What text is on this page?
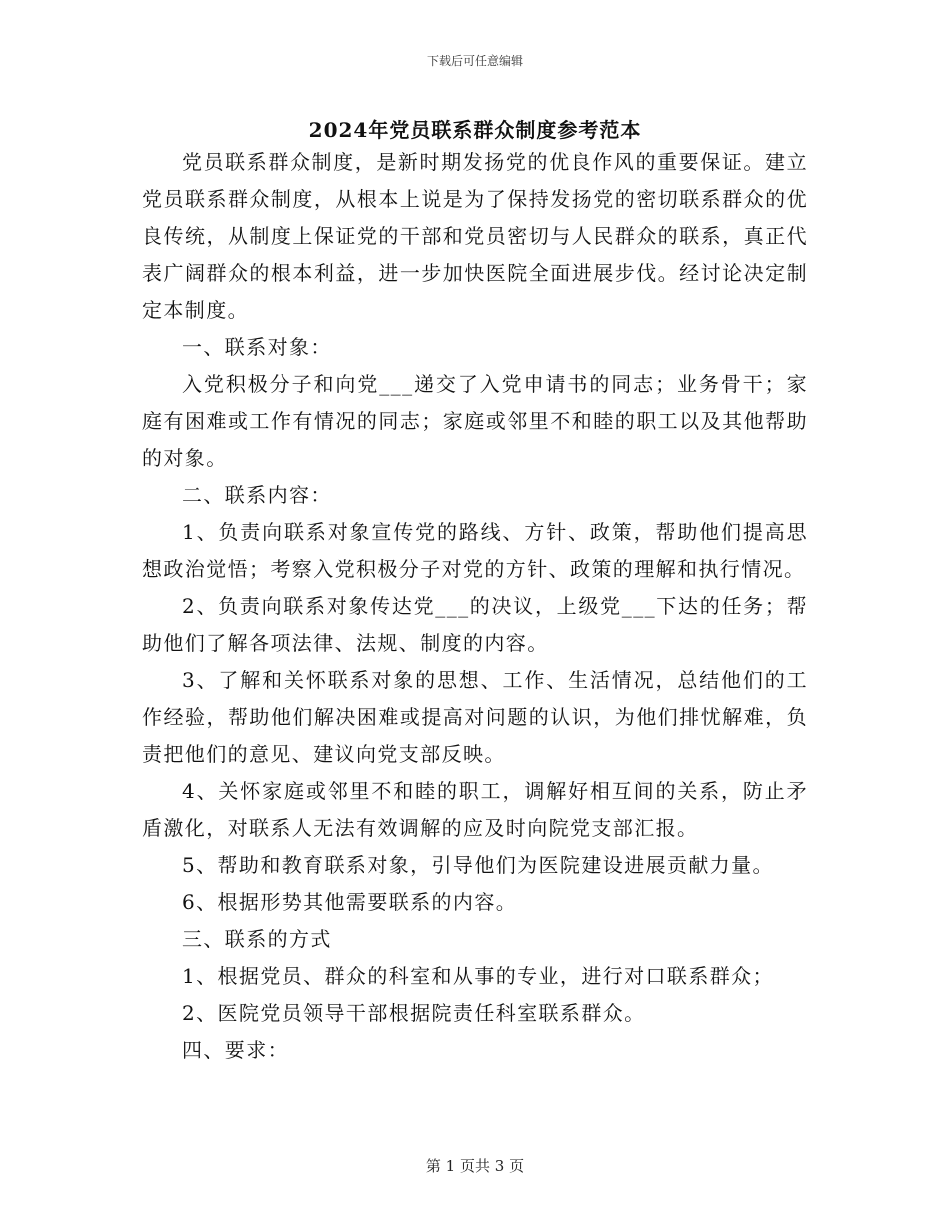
下载后可任意编辑
2024年党员联系群众制度参考范本

党员联系群众制度，是新时期发扬党的优良作风的重要保证。建立党员联系群众制度，从根本上说是为了保持发扬党的密切联系群众的优良传统，从制度上保证党的干部和党员密切与人民群众的联系，真正代表广阔群众的根本利益，进一步加快医院全面进展步伐。经讨论决定制定本制度。

一、联系对象：

入党积极分子和向党___递交了入党申请书的同志；业务骨干；家庭有困难或工作有情况的同志；家庭或邻里不和睦的职工以及其他帮助的对象。

二、联系内容：

1、负责向联系对象宣传党的路线、方针、政策，帮助他们提高思想政治觉悟；考察入党积极分子对党的方针、政策的理解和执行情况。

2、负责向联系对象传达党___的决议，上级党___下达的任务；帮助他们了解各项法律、法规、制度的内容。

3、了解和关怀联系对象的思想、工作、生活情况，总结他们的工作经验，帮助他们解决困难或提高对问题的认识，为他们排忧解难，负责把他们的意见、建议向党支部反映。

4、关怀家庭或邻里不和睦的职工，调解好相互间的关系，防止矛盾激化，对联系人无法有效调解的应及时向院党支部汇报。

5、帮助和教育联系对象，引导他们为医院建设进展贡献力量。

6、根据形势其他需要联系的内容。

三、联系的方式

1、根据党员、群众的科室和从事的专业，进行对口联系群众；

2、医院党员领导干部根据院责任科室联系群众。

四、要求：

第 1 页共 3 页
